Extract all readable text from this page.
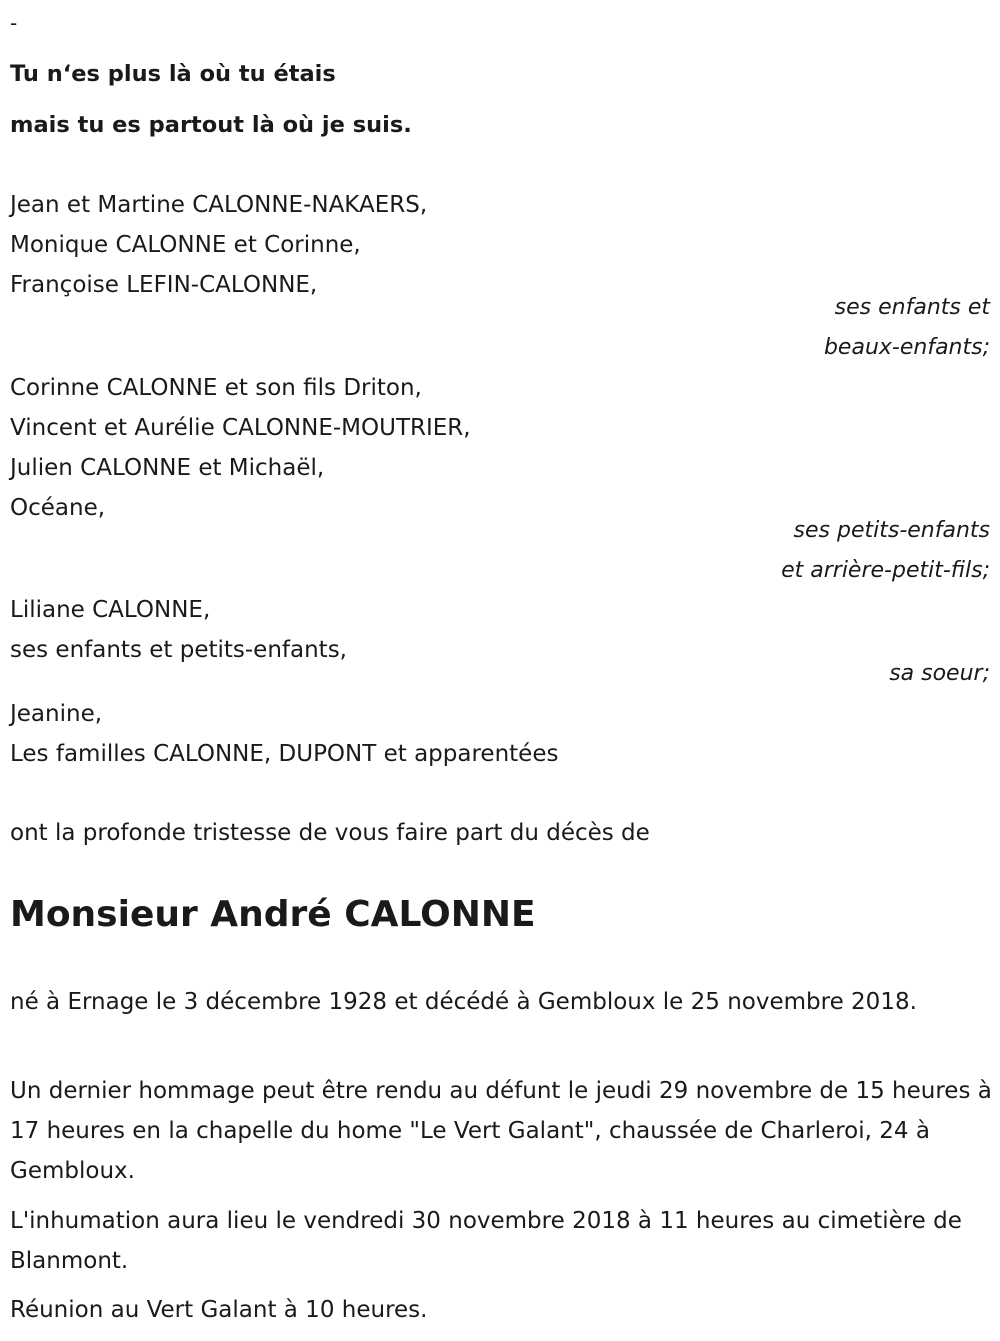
-
Tu n‘es plus là où tu étais
mais tu es partout là où je suis.
Jean et Martine CALONNE-NAKAERS,
Monique CALONNE et Corinne,
Françoise LEFIN-CALONNE,
ses enfants et
beaux-enfants;
Corinne CALONNE et son fils Driton,
Vincent et Aurélie CALONNE-MOUTRIER,
Julien CALONNE et Michaël,
Océane,
ses petits-enfants
et arrière-petit-fils;
Liliane CALONNE,
ses enfants et petits-enfants,
sa soeur;
Jeanine,
Les familles CALONNE, DUPONT et apparentées
ont la profonde tristesse de vous faire part du décès de
Monsieur André CALONNE
né à Ernage le 3 décembre 1928 et décédé à Gembloux le 25 novembre 2018.
Un dernier hommage peut être rendu au défunt le jeudi 29 novembre de 15 heures à 17 heures en la chapelle du home "Le Vert Galant", chaussée de Charleroi, 24 à Gembloux.
L'inhumation aura lieu le vendredi 30 novembre 2018 à 11 heures au cimetière de Blanmont.
Réunion au Vert Galant à 10 heures.
